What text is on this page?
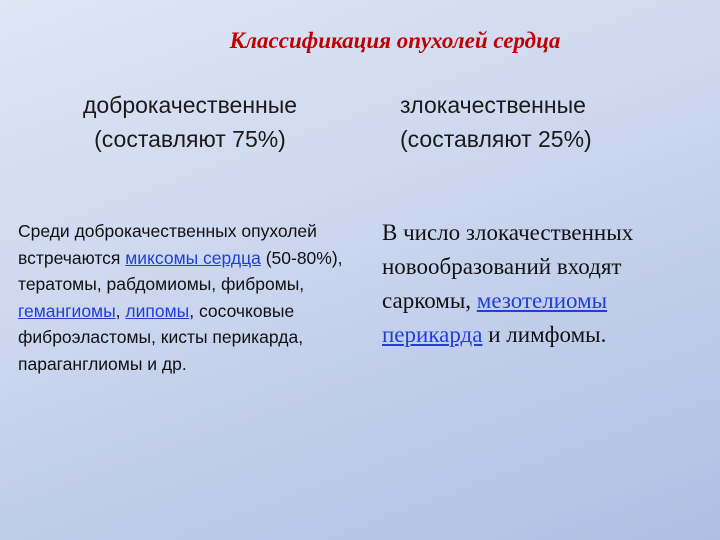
Классификация опухолей сердца
доброкачественные
(составляют 75%)
злокачественные
(составляют 25%)
Среди доброкачественных опухолей встречаются миксомы сердца (50-80%), тератомы, рабдомиомы, фибромы, гемангиомы, липомы, сосочковые фиброэластомы, кисты перикарда, параганглиомы и др.
В число злокачественных новообразований входят саркомы, мезотелиомы перикарда и лимфомы.
